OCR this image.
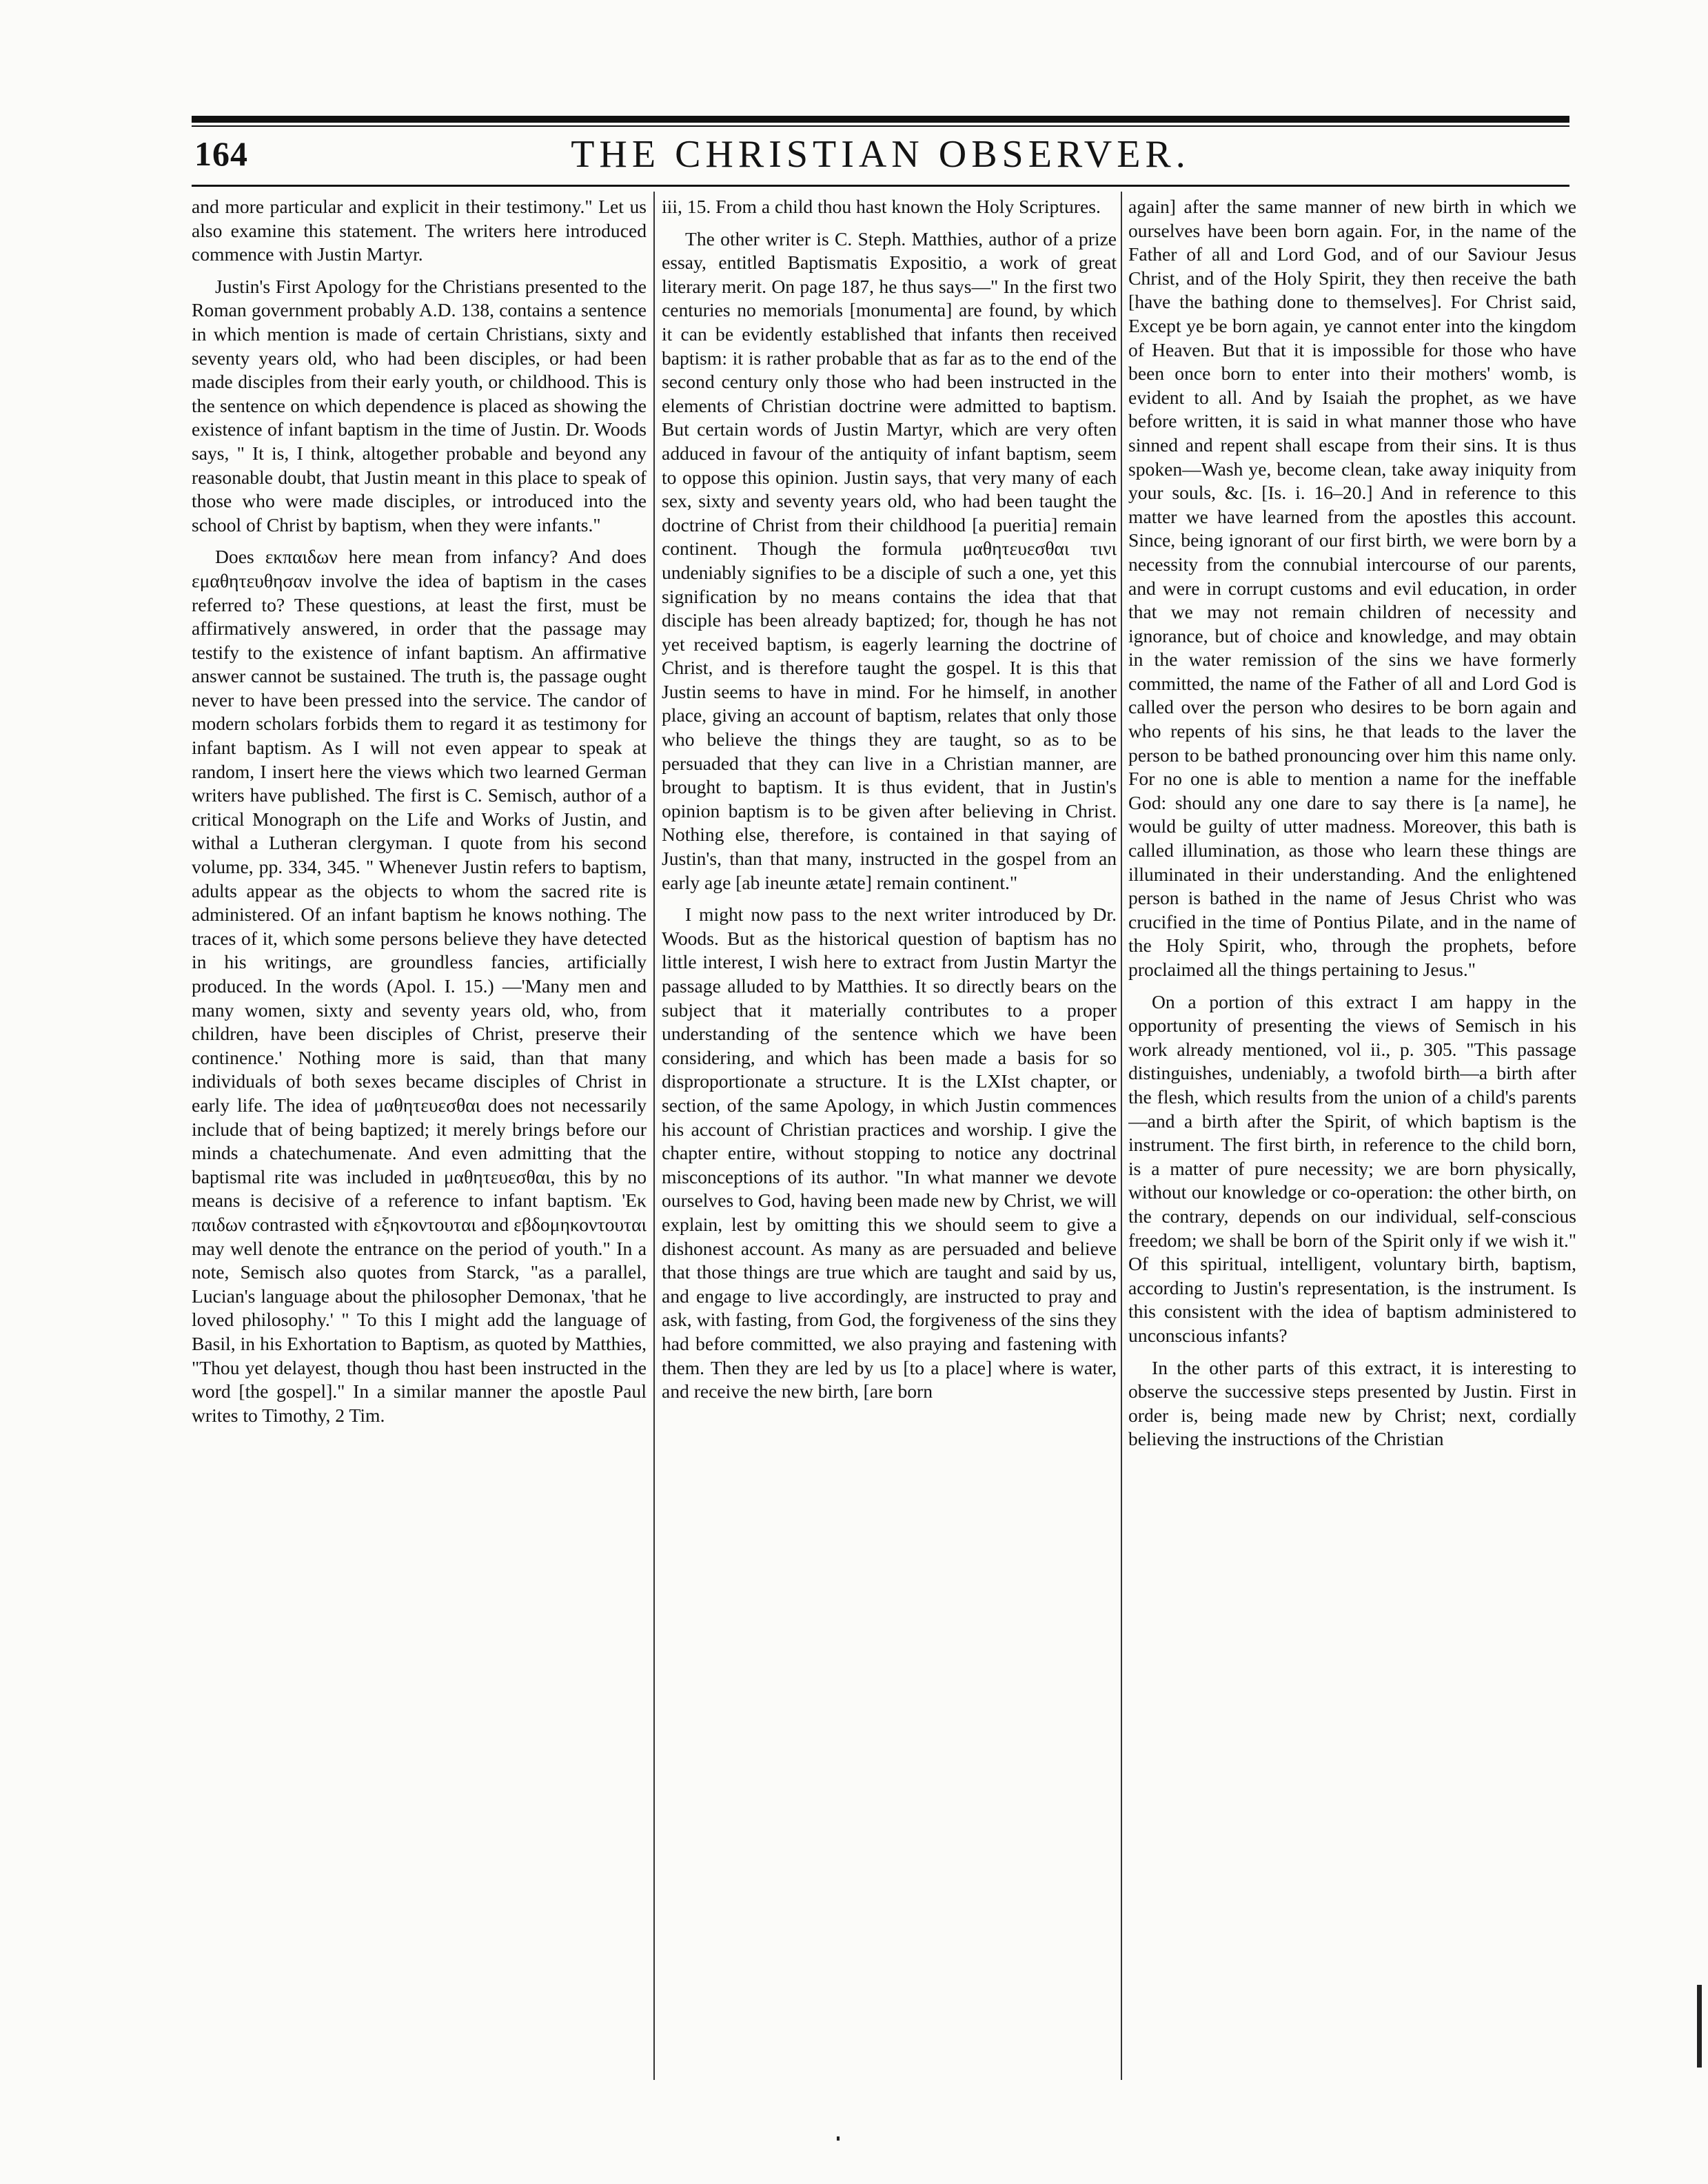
164	THE CHRISTIAN OBSERVER.

and more particular and explicit in their testimony." Let us also examine this statement. The writers here introduced commence with Justin Martyr.

Justin's First Apology for the Christians presented to the Roman government probably A.D. 138, contains a sentence in which mention is made of certain Christians, sixty and seventy years old, who had been disciples, or had been made disciples from their early youth, or childhood. This is the sentence on which dependence is placed as showing the existence of infant baptism in the time of Justin. Dr. Woods says, " It is, I think, altogether probable and beyond any reasonable doubt, that Justin meant in this place to speak of those who were made disciples, or introduced into the school of Christ by baptism, when they were infants."

Does εκπαιδων here mean from infancy? And does εμαθητευθησαν involve the idea of baptism in the cases referred to? These questions, at least the first, must be affirmatively answered, in order that the passage may testify to the existence of infant baptism. An affirmative answer cannot be sustained. The truth is, the passage ought never to have been pressed into the service. The candor of modern scholars forbids them to regard it as testimony for infant baptism. As I will not even appear to speak at random, I insert here the views which two learned German writers have published. The first is C. Semisch, author of a critical Monograph on the Life and Works of Justin, and withal a Lutheran clergyman. I quote from his second volume, pp. 334, 345. " Whenever Justin refers to baptism, adults appear as the objects to whom the sacred rite is administered. Of an infant baptism he knows nothing. The traces of it, which some persons believe they have detected in his writings, are groundless fancies, artificially produced. In the words (Apol. I. 15.) —'Many men and many women, sixty and seventy years old, who, from children, have been disciples of Christ, preserve their continence.' Nothing more is said, than that many individuals of both sexes became disciples of Christ in early life. The idea of μαθητευεσθαι does not necessarily include that of being baptized; it merely brings before our minds a chatechumenate. And even admitting that the baptismal rite was included in μαθητευεσθαι, this by no means is decisive of a reference to infant baptism. 'Εκ παιδων contrasted with εξηκοντουται and εβδομηκοντουται may well denote the entrance on the period of youth." In a note, Semisch also quotes from Starck, "as a parallel, Lucian's language about the philosopher Demonax, 'that he loved philosophy.' " To this I might add the language of Basil, in his Exhortation to Baptism, as quoted by Matthies, "Thou yet delayest, though thou hast been instructed in the word [the gospel]." In a similar manner the apostle Paul writes to Timothy, 2 Tim.

iii, 15. From a child thou hast known the Holy Scriptures.

The other writer is C. Steph. Matthies, author of a prize essay, entitled Baptismatis Expositio, a work of great literary merit. On page 187, he thus says—" In the first two centuries no memorials [monumenta] are found, by which it can be evidently established that infants then received baptism: it is rather probable that as far as to the end of the second century only those who had been instructed in the elements of Christian doctrine were admitted to baptism. But certain words of Justin Martyr, which are very often adduced in favour of the antiquity of infant baptism, seem to oppose this opinion. Justin says, that very many of each sex, sixty and seventy years old, who had been taught the doctrine of Christ from their childhood [a pueritia] remain continent. Though the formula μαθητευεσθαι τινι undeniably signifies to be a disciple of such a one, yet this signification by no means contains the idea that that disciple has been already baptized; for, though he has not yet received baptism, is eagerly learning the doctrine of Christ, and is therefore taught the gospel. It is this that Justin seems to have in mind. For he himself, in another place, giving an account of baptism, relates that only those who believe the things they are taught, so as to be persuaded that they can live in a Christian manner, are brought to baptism. It is thus evident, that in Justin's opinion baptism is to be given after believing in Christ. Nothing else, therefore, is contained in that saying of Justin's, than that many, instructed in the gospel from an early age [ab ineunte ætate] remain continent."

I might now pass to the next writer introduced by Dr. Woods. But as the historical question of baptism has no little interest, I wish here to extract from Justin Martyr the passage alluded to by Matthies. It so directly bears on the subject that it materially contributes to a proper understanding of the sentence which we have been considering, and which has been made a basis for so disproportionate a structure. It is the LXIst chapter, or section, of the same Apology, in which Justin commences his account of Christian practices and worship. I give the chapter entire, without stopping to notice any doctrinal misconceptions of its author. "In what manner we devote ourselves to God, having been made new by Christ, we will explain, lest by omitting this we should seem to give a dishonest account. As many as are persuaded and believe that those things are true which are taught and said by us, and engage to live accordingly, are instructed to pray and ask, with fasting, from God, the forgiveness of the sins they had before committed, we also praying and fastening with them. Then they are led by us [to a place] where is water, and receive the new birth, [are born

again] after the same manner of new birth in which we ourselves have been born again. For, in the name of the Father of all and Lord God, and of our Saviour Jesus Christ, and of the Holy Spirit, they then receive the bath [have the bathing done to themselves]. For Christ said, Except ye be born again, ye cannot enter into the kingdom of Heaven. But that it is impossible for those who have been once born to enter into their mothers' womb, is evident to all. And by Isaiah the prophet, as we have before written, it is said in what manner those who have sinned and repent shall escape from their sins. It is thus spoken—Wash ye, become clean, take away iniquity from your souls, &c. [Is. i. 16–20.] And in reference to this matter we have learned from the apostles this account. Since, being ignorant of our first birth, we were born by a necessity from the connubial intercourse of our parents, and were in corrupt customs and evil education, in order that we may not remain children of necessity and ignorance, but of choice and knowledge, and may obtain in the water remission of the sins we have formerly committed, the name of the Father of all and Lord God is called over the person who desires to be born again and who repents of his sins, he that leads to the laver the person to be bathed pronouncing over him this name only. For no one is able to mention a name for the ineffable God: should any one dare to say there is [a name], he would be guilty of utter madness. Moreover, this bath is called illumination, as those who learn these things are illuminated in their understanding. And the enlightened person is bathed in the name of Jesus Christ who was crucified in the time of Pontius Pilate, and in the name of the Holy Spirit, who, through the prophets, before proclaimed all the things pertaining to Jesus."

On a portion of this extract I am happy in the opportunity of presenting the views of Semisch in his work already mentioned, vol ii., p. 305. "This passage distinguishes, undeniably, a twofold birth—a birth after the flesh, which results from the union of a child's parents—and a birth after the Spirit, of which baptism is the instrument. The first birth, in reference to the child born, is a matter of pure necessity; we are born physically, without our knowledge or co-operation: the other birth, on the contrary, depends on our individual, self-conscious freedom; we shall be born of the Spirit only if we wish it." Of this spiritual, intelligent, voluntary birth, baptism, according to Justin's representation, is the instrument. Is this consistent with the idea of baptism administered to unconscious infants?

In the other parts of this extract, it is interesting to observe the successive steps presented by Justin. First in order is, being made new by Christ; next, cordially believing the instructions of the Christian
